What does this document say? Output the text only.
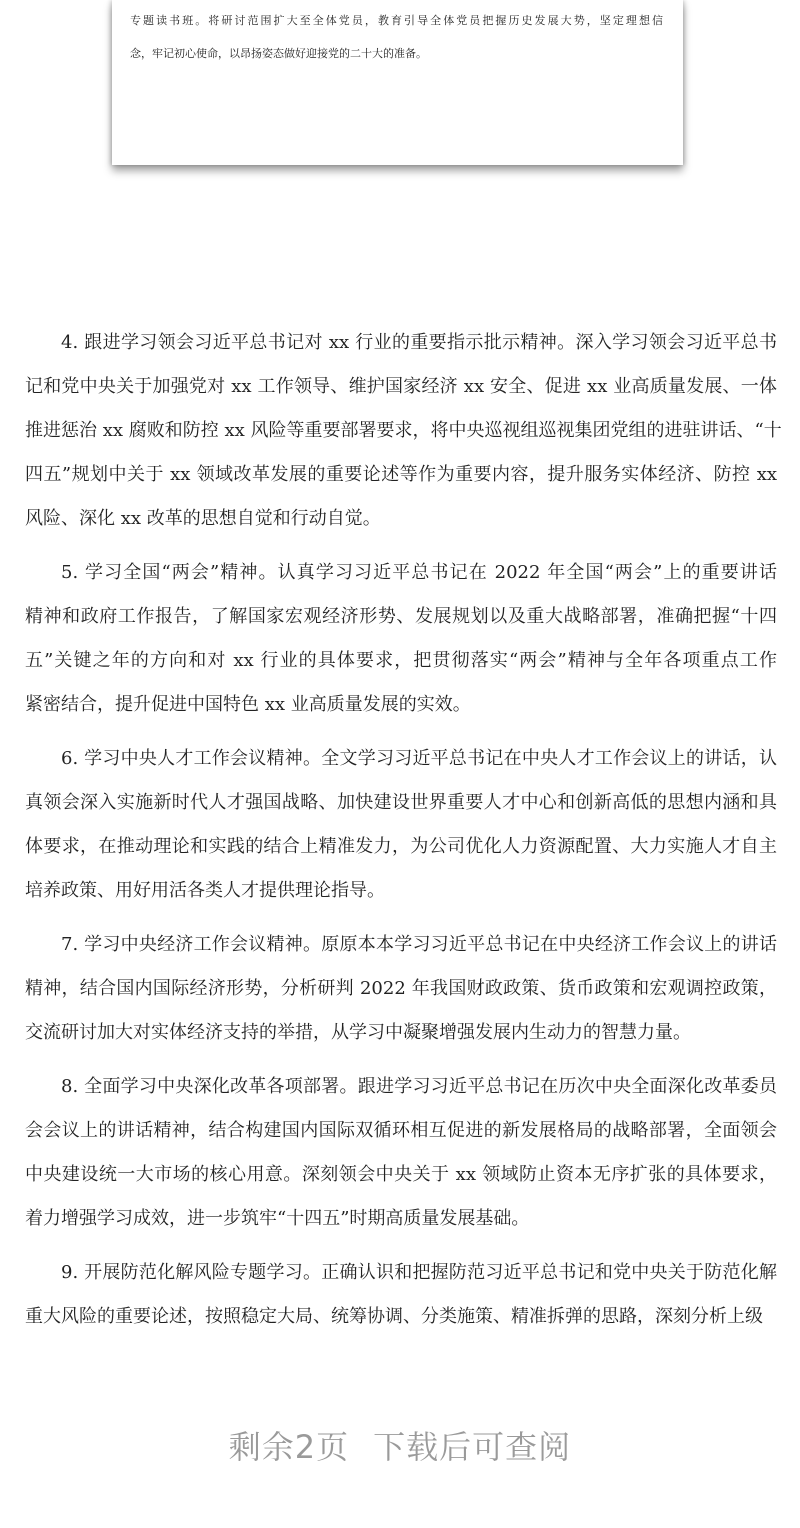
专题读书班。将研讨范围扩大至全体党员，教育引导全体党员把握历史发展大势，坚定理想信
念，牢记初心使命，以昂扬姿态做好迎接党的二十大的准备。
4. 跟进学习领会习近平总书记对 xx 行业的重要指示批示精神。深入学习领会习近平总书
记和党中央关于加强党对 xx 工作领导、维护国家经济 xx 安全、促进 xx 业高质量发展、一体
推进惩治 xx 腐败和防控 xx 风险等重要部署要求，将中央巡视组巡视集团党组的进驻讲话、“十
四五”规划中关于 xx 领域改革发展的重要论述等作为重要内容，提升服务实体经济、防控 xx
风险、深化 xx 改革的思想自觉和行动自觉。
5. 学习全国“两会”精神。认真学习习近平总书记在 2022 年全国“两会”上的重要讲话
精神和政府工作报告，了解国家宏观经济形势、发展规划以及重大战略部署，准确把握“十四
五”关键之年的方向和对 xx 行业的具体要求，把贯彻落实“两会”精神与全年各项重点工作
紧密结合，提升促进中国特色 xx 业高质量发展的实效。
6. 学习中央人才工作会议精神。全文学习习近平总书记在中央人才工作会议上的讲话，认
真领会深入实施新时代人才强国战略、加快建设世界重要人才中心和创新高低的思想内涵和具
体要求，在推动理论和实践的结合上精准发力，为公司优化人力资源配置、大力实施人才自主
培养政策、用好用活各类人才提供理论指导。
7. 学习中央经济工作会议精神。原原本本学习习近平总书记在中央经济工作会议上的讲话
精神，结合国内国际经济形势，分析研判 2022 年我国财政政策、货币政策和宏观调控政策，
交流研讨加大对实体经济支持的举措，从学习中凝聚增强发展内生动力的智慧力量。
8. 全面学习中央深化改革各项部署。跟进学习习近平总书记在历次中央全面深化改革委员
会会议上的讲话精神，结合构建国内国际双循环相互促进的新发展格局的战略部署，全面领会
中央建设统一大市场的核心用意。深刻领会中央关于 xx 领域防止资本无序扩张的具体要求，
着力增强学习成效，进一步筑牢“十四五”时期高质量发展基础。
9. 开展防范化解风险专题学习。正确认识和把握防范习近平总书记和党中央关于防范化解
重大风险的重要论述，按照稳定大局、统筹协调、分类施策、精准拆弹的思路，深刻分析上级
剩余2页 下载后可查阅
